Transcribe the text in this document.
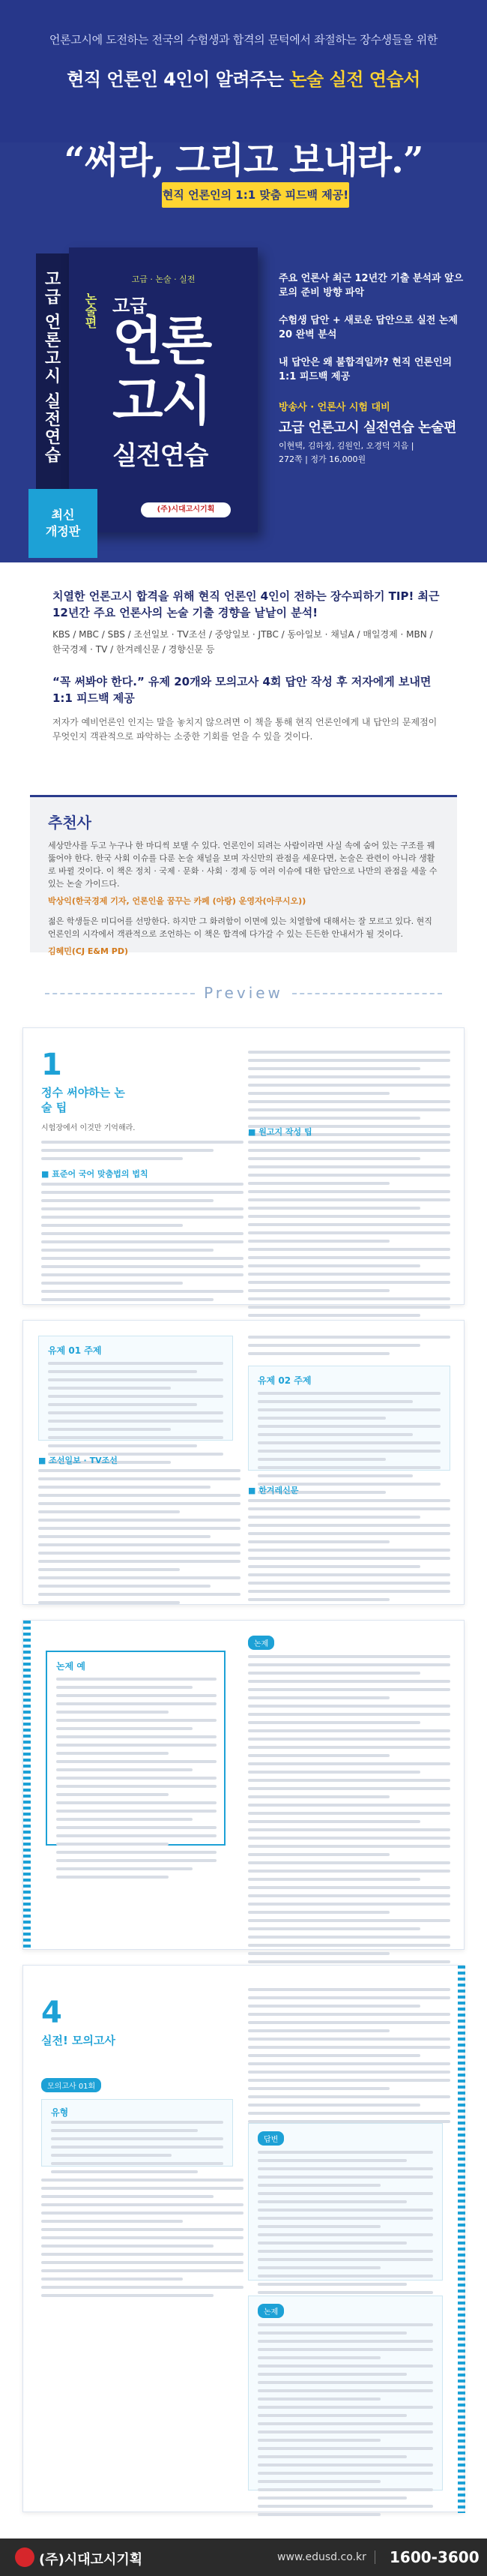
언론고시에 도전하는 전국의 수험생과 합격의 문턱에서 좌절하는 장수생들을 위한
현직 언론인 4인이 알려주는 논술 실전 연습서
“써라, 그리고 보내라.”
현직 언론인의 1:1 맞춤 피드백 제공!
고급 언론고시 실전연습	고급 · 논술 · 실전
논술편 고급
언론
고시
실전연습
(주)시대고시기획
최신
개정판
주요 언론사 최근 12년간 기출 분석과 앞으로의 준비 방향 파악
수험생 답안 + 새로운 답안으로 실전 논제 20 완벽 분석
내 답안은 왜 불합격일까? 현직 언론인의 1:1 피드백 제공
방송사 · 언론사 시험 대비
고급 언론고시 실전연습 논술편
이현택, 김하정, 김원인, 오경덕 지음 |
272쪽 | 정가 16,000원
치열한 언론고시 합격을 위해 현직 언론인 4인이 전하는 장수피하기 TIP! 최근 12년간 주요 언론사의 논술 기출 경향을 낱낱이 분석!
KBS / MBC / SBS / 조선일보 · TV조선 / 중앙일보 · JTBC / 동아일보 · 채널A / 매일경제 · MBN / 한국경제 · TV / 한겨레신문 / 경향신문 등
“꼭 써봐야 한다.” 유제 20개와 모의고사 4회 답안 작성 후 저자에게 보내면 1:1 피드백 제공
저자가 예비언론인 인지는 말을 놓치지 않으려면 이 책을 통해 현직 언론인에게 내 답안의 문제점이 무엇인지 객관적으로 파악하는 소중한 기회를 얻을 수 있을 것이다.
추천사

세상만사를 두고 누구나 한 마디씩 보탤 수 있다. 언론인이 되려는 사람이라면 사실 속에 숨어 있는 구조를 꿰뚫어야 한다. 한국 사회 이슈를 다룬 논술 채널을 보며 자신만의 관점을 세운다면, 논술은 관련이 아니라 생활로 바뀔 것이다. 이 책은 정치 · 국제 · 문화 · 사회 · 경제 등 여러 이슈에 대한 답안으로 나만의 관점을 세울 수 있는 논술 가이드다.

박상익(한국경제 기자, 언론인을 꿈꾸는 카페 (아랑) 운영자(아쿠시오))

젊은 학생들은 미디어를 선망한다. 하지만 그 화려함이 이면에 있는 치열함에 대해서는 잘 모르고 있다. 현직 언론인의 시각에서 객관적으로 조언하는 이 책은 합격에 다가갈 수 있는 든든한 안내서가 될 것이다.

김혜민(CJ E&M PD)

Preview
1
정수 써야하는 논술 팁
시험장에서 이것만 기억해라.
■ 표준어 국어 맞춤법의 법칙
■ 원고지 작성 팁
유제 01 주제
■ 조선일보 · TV조선
유제 02 주제
■ 한겨레신문
논제 예
논제
4
실전! 모의고사
모의고사 01회
유형
답변
논제
(주)시대고시기획	www.edusd.co.kr 1600-3600
